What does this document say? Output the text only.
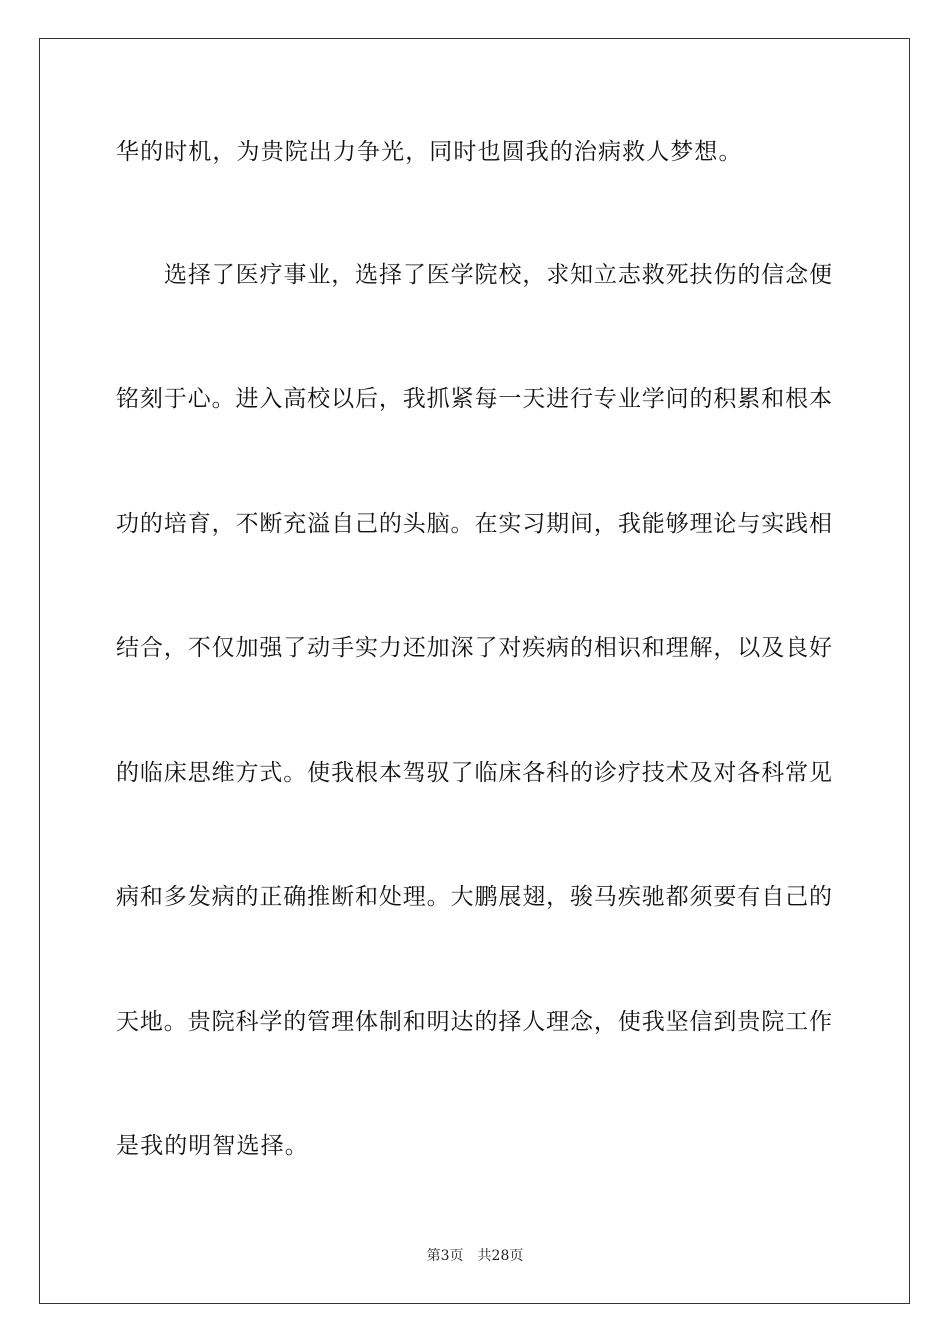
华的时机，为贵院出力争光，同时也圆我的治病救人梦想。
选择了医疗事业，选择了医学院校，求知立志救死扶伤的信念便
铭刻于心。进入高校以后，我抓紧每一天进行专业学问的积累和根本
功的培育，不断充溢自己的头脑。在实习期间，我能够理论与实践相
结合，不仅加强了动手实力还加深了对疾病的相识和理解，以及良好
的临床思维方式。使我根本驾驭了临床各科的诊疗技术及对各科常见
病和多发病的正确推断和处理。大鹏展翅，骏马疾驰都须要有自己的
天地。贵院科学的管理体制和明达的择人理念，使我坚信到贵院工作
是我的明智选择。
第3页 共28页
